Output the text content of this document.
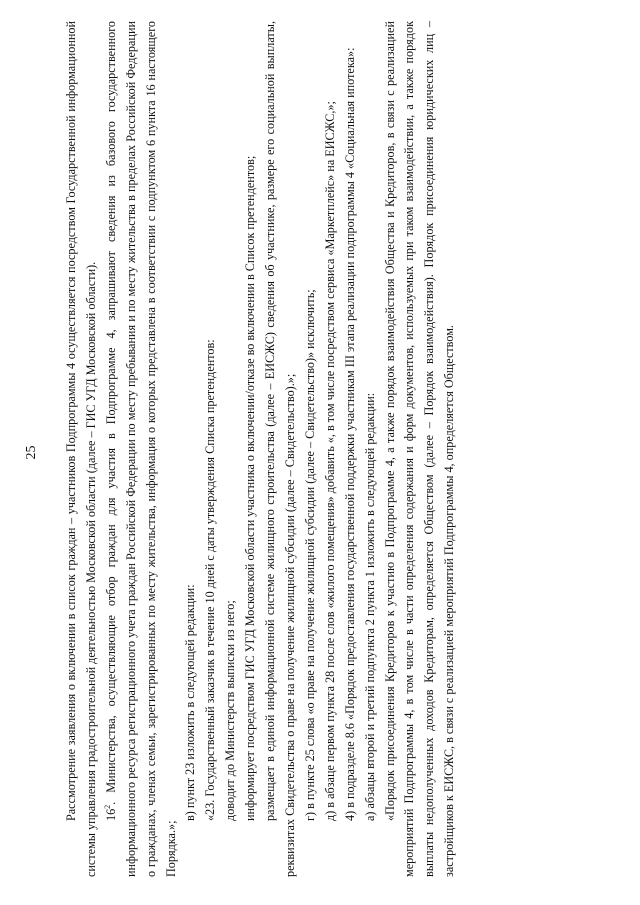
25 Рассмотрение заявления о включении в список граждан – участников Подпрограммы 4 осуществляется посредством Государственной информационной системы управления градостроительной деятельностью Московской области (далее – ГИС УГД Московской области). $16^2$. Министерства, осуществляющие отбор граждан для участия в Подпрограмме 4, запрашивают сведения из базового государственного информационного ресурса регистрационного учета граждан Российской Федерации по месту пребывания и по месту жительства в пределах Российской Федерации о гражданах, членах семьи, зарегистрированных по месту жительства, информация о которых представлена в соответствии с подпунктом 6 пункта 16 настоящего Порядка.»;

в) пункт 23 изложить в следующей редакции: «23. Государственный заказчик в течение 10 дней с даты утверждения Списка претендентов: доводит до Министерств выписки из него; информирует посредством ГИС УГД Московской области участника о включении/отказе во включении в Список претендентов; размещает в единой информационной системе жилищного строительства (далее – ЕИСЖС) сведения об участнике, размере его социальной выплаты, реквизитах Свидетельства о праве на получение жилищной субсидии (далее – Свидетельство).»; г) в пункте 25 слова «о праве на получение жилищной субсидии (далее – Свидетельство)» исключить; д) в абзаце первом пункта 28 после слов «жилого помещения» добавить «, в том числе посредством сервиса «Маркетплейс» на ЕИСЖС,»; 4) в подразделе 8.6 «Порядок предоставления государственной поддержки участникам III этапа реализации подпрограммы 4 «Социальная ипотека»: а) абзацы второй и третий подпункта 2 пункта 1 изложить в следующей редакции: «Порядок присоединения Кредиторов к участию в Подпрограмме 4, а также порядок взаимодействия Общества и Кредиторов, в связи с реализацией мероприятий Подпрограммы 4, в том числе в части определения содержания и форм документов, используемых при таком взаимодействии, а также порядок выплаты недополученных доходов Кредиторам, определяется Обществом (далее – Порядок взаимодействия). Порядок присоединения юридических лиц – застройщиков к ЕИСЖС, в связи с реализацией мероприятий Подпрограммы 4, определяется Обществом.
